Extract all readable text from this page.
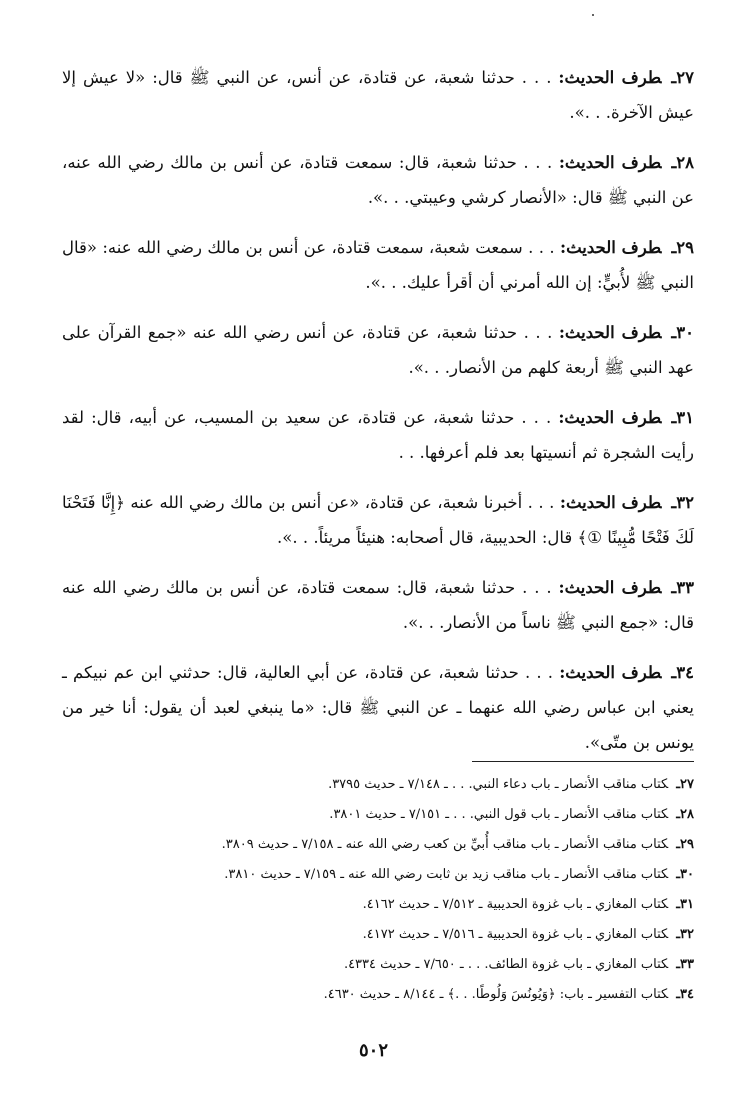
٢٧ـطرف الحديث: . . . حدثنا شعبة، عن قتادة، عن أنس، عن النبي ﷺ قال: «لا عيش إلا عيش الآخرة. . .».

٢٨ـطرف الحديث: . . . حدثنا شعبة، قال: سمعت قتادة، عن أنس بن مالك رضي الله عنه، عن النبي ﷺ قال: «الأنصار كرشي وعيبتي. . .».

٢٩ـطرف الحديث: . . . سمعت شعبة، سمعت قتادة، عن أنس بن مالك رضي الله عنه: «قال النبي ﷺ لأُبيٍّ: إن الله أمرني أن أقرأ عليك. . .».

٣٠ـطرف الحديث: . . . حدثنا شعبة، عن قتادة، عن أنس رضي الله عنه «جمع القرآن على عهد النبي ﷺ أربعة كلهم من الأنصار. . .».

٣١ـطرف الحديث: . . . حدثنا شعبة، عن قتادة، عن سعيد بن المسيب، عن أبيه، قال: لقد رأيت الشجرة ثم أنسيتها بعد فلم أعرفها. . .

٣٢ـطرف الحديث: . . . أخبرنا شعبة، عن قتادة، «عن أنس بن مالك رضي الله عنه ﴿إِنَّا فَتَحْنَا لَكَ فَتْحًا مُّبِينًا ①﴾ قال: الحديبية، قال أصحابه: هنيئاً مريئاً. . .».

٣٣ـطرف الحديث: . . . حدثنا شعبة، قال: سمعت قتادة، عن أنس بن مالك رضي الله عنه قال: «جمع النبي ﷺ ناساً من الأنصار. . .».

٣٤ـطرف الحديث: . . . حدثنا شعبة، عن قتادة، عن أبي العالية، قال: حدثني ابن عم نبيكم ـ يعني ابن عباس رضي الله عنهما ـ عن النبي ﷺ قال: «ما ينبغي لعبد أن يقول: أنا خير من يونس بن متّى».

٢٧ـكتاب مناقب الأنصار ـ باب دعاء النبي. . . ـ ٧/١٤٨ ـ حديث ٣٧٩٥.
٢٨ـكتاب مناقب الأنصار ـ باب قول النبي. . . ـ ٧/١٥١ ـ حديث ٣٨٠١.
٢٩ـكتاب مناقب الأنصار ـ باب مناقب أُبيِّ بن كعب رضي الله عنه ـ ٧/١٥٨ ـ حديث ٣٨٠٩.
٣٠ـكتاب مناقب الأنصار ـ باب مناقب زيد بن ثابت رضي الله عنه ـ ٧/١٥٩ ـ حديث ٣٨١٠.
٣١ـكتاب المغازي ـ باب غزوة الحديبية ـ ٧/٥١٢ ـ حديث ٤١٦٢.
٣٢ـكتاب المغازي ـ باب غزوة الحديبية ـ ٧/٥١٦ ـ حديث ٤١٧٢.
٣٣ـكتاب المغازي ـ باب غزوة الطائف. . . ـ ٧/٦٥٠ ـ حديث ٤٣٣٤.
٣٤ـكتاب التفسير ـ باب: ﴿وَيُونُسَ وَلُوطًا. . .﴾ ـ ٨/١٤٤ ـ حديث ٤٦٣٠.
٥٠٢
